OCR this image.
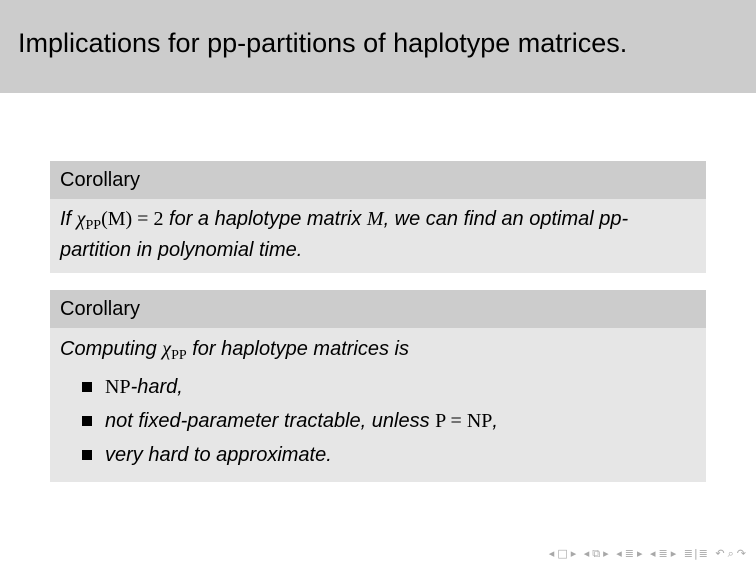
Implications for pp-partitions of haplotype matrices.
Corollary
If $\chi_{PP}(M) = 2$ for a haplotype matrix M, we can find an optimal pp-partition in polynomial time.
Corollary
Computing $\chi_{PP}$ for haplotype matrices is
NP-hard,
not fixed-parameter tractable, unless P = NP,
very hard to approximate.
◂ □ ▸ ◂ ⧉ ▸ ◂ ≣ ▸ ◂ ≣ ▸ ≣|≣ ↶ ⌕ ↷
